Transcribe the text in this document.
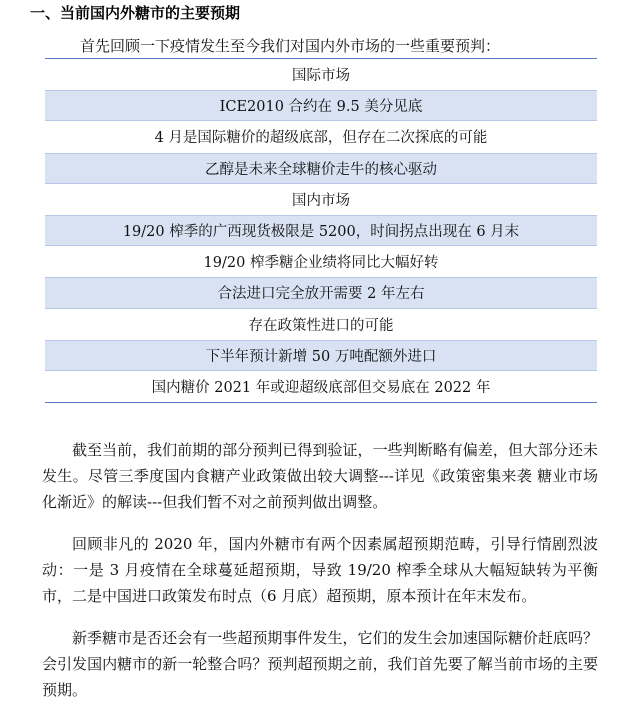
一、当前国内外糖市的主要预期
首先回顾一下疫情发生至今我们对国内外市场的一些重要预判：
国际市场
ICE2010 合约在 9.5 美分见底
4 月是国际糖价的超级底部，但存在二次探底的可能
乙醇是未来全球糖价走牛的核心驱动
国内市场
19/20 榨季的广西现货极限是 5200，时间拐点出现在 6 月末
19/20 榨季糖企业绩将同比大幅好转
合法进口完全放开需要 2 年左右
存在政策性进口的可能
下半年预计新增 50 万吨配额外进口
国内糖价 2021 年或迎超级底部但交易底在 2022 年

截至当前，我们前期的部分预判已得到验证，一些判断略有偏差，但大部分还未发生。尽管三季度国内食糖产业政策做出较大调整---详见《政策密集来袭 糖业市场化渐近》的解读---但我们暂不对之前预判做出调整。

回顾非凡的 2020 年，国内外糖市有两个因素属超预期范畴，引导行情剧烈波动：一是 3 月疫情在全球蔓延超预期，导致 19/20 榨季全球从大幅短缺转为平衡市，二是中国进口政策发布时点（6 月底）超预期，原本预计在年末发布。

新季糖市是否还会有一些超预期事件发生，它们的发生会加速国际糖价赶底吗？会引发国内糖市的新一轮整合吗？预判超预期之前，我们首先要了解当前市场的主要预期。
